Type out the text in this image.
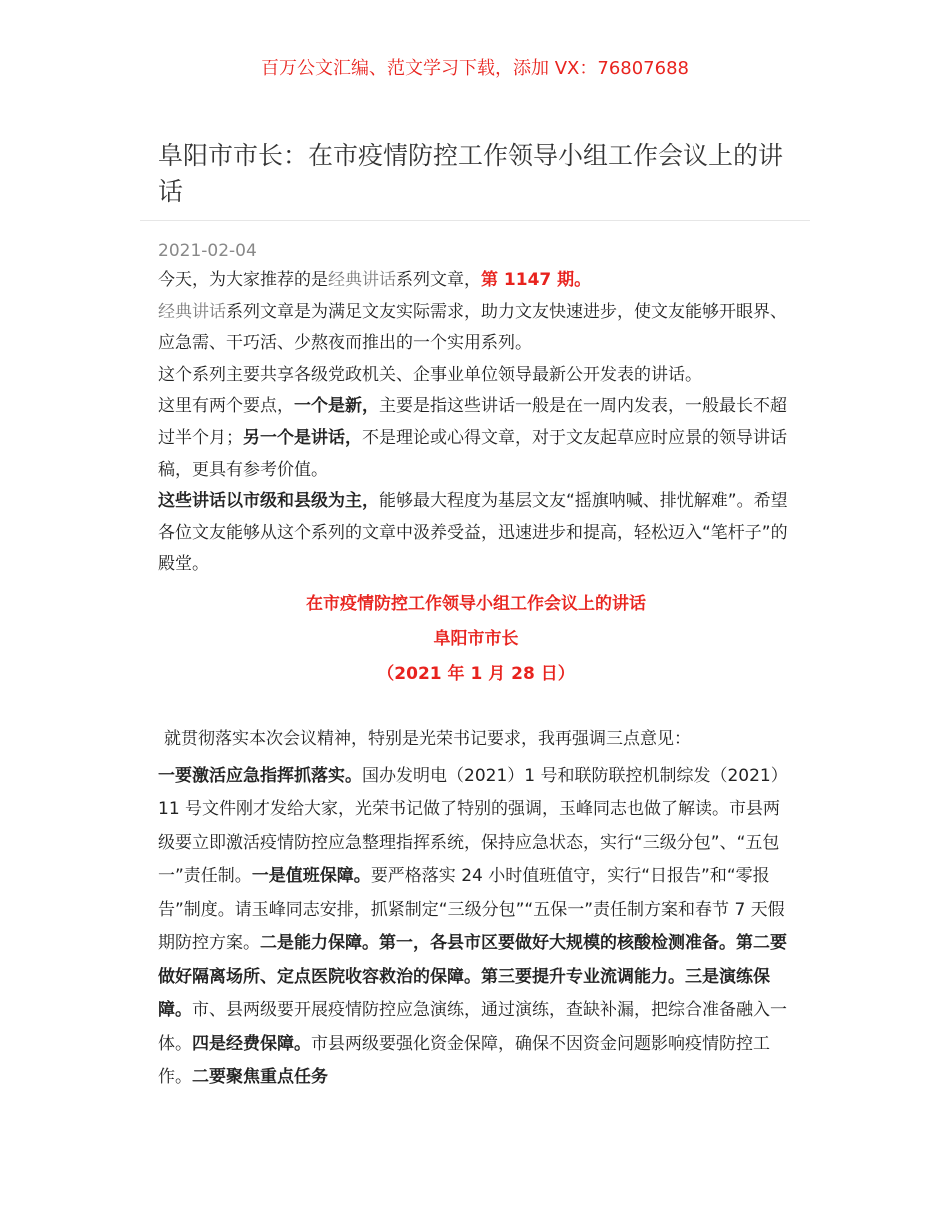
百万公文汇编、范文学习下载，添加 VX：76807688
阜阳市市长：在市疫情防控工作领导小组工作会议上的讲话
2021-02-04

今天，为大家推荐的是经典讲话系列文章，第 1147 期。

经典讲话系列文章是为满足文友实际需求，助力文友快速进步，使文友能够开眼界、应急需、干巧活、少熬夜而推出的一个实用系列。

这个系列主要共享各级党政机关、企事业单位领导最新公开发表的讲话。

这里有两个要点，一个是新，主要是指这些讲话一般是在一周内发表，一般最长不超过半个月；另一个是讲话，不是理论或心得文章，对于文友起草应时应景的领导讲话稿，更具有参考价值。

这些讲话以市级和县级为主，能够最大程度为基层文友“摇旗呐喊、排忧解难”。希望各位文友能够从这个系列的文章中汲养受益，迅速进步和提高，轻松迈入“笔杆子”的殿堂。

在市疫情防控工作领导小组工作会议上的讲话

阜阳市市长

（2021 年 1 月 28 日）

就贯彻落实本次会议精神，特别是光荣书记要求，我再强调三点意见：

一要激活应急指挥抓落实。国办发明电（2021）1 号和联防联控机制综发（2021）11 号文件刚才发给大家，光荣书记做了特别的强调，玉峰同志也做了解读。市县两级要立即激活疫情防控应急整理指挥系统，保持应急状态，实行“三级分包”、“五包一”责任制。一是值班保障。要严格落实 24 小时值班值守，实行“日报告”和“零报告”制度。请玉峰同志安排，抓紧制定“三级分包”“五保一”责任制方案和春节 7 天假期防控方案。二是能力保障。第一，各县市区要做好大规模的核酸检测准备。第二要做好隔离场所、定点医院收容救治的保障。第三要提升专业流调能力。三是演练保障。市、县两级要开展疫情防控应急演练，通过演练，查缺补漏，把综合准备融入一体。四是经费保障。市县两级要强化资金保障，确保不因资金问题影响疫情防控工作。二要聚焦重点任务
